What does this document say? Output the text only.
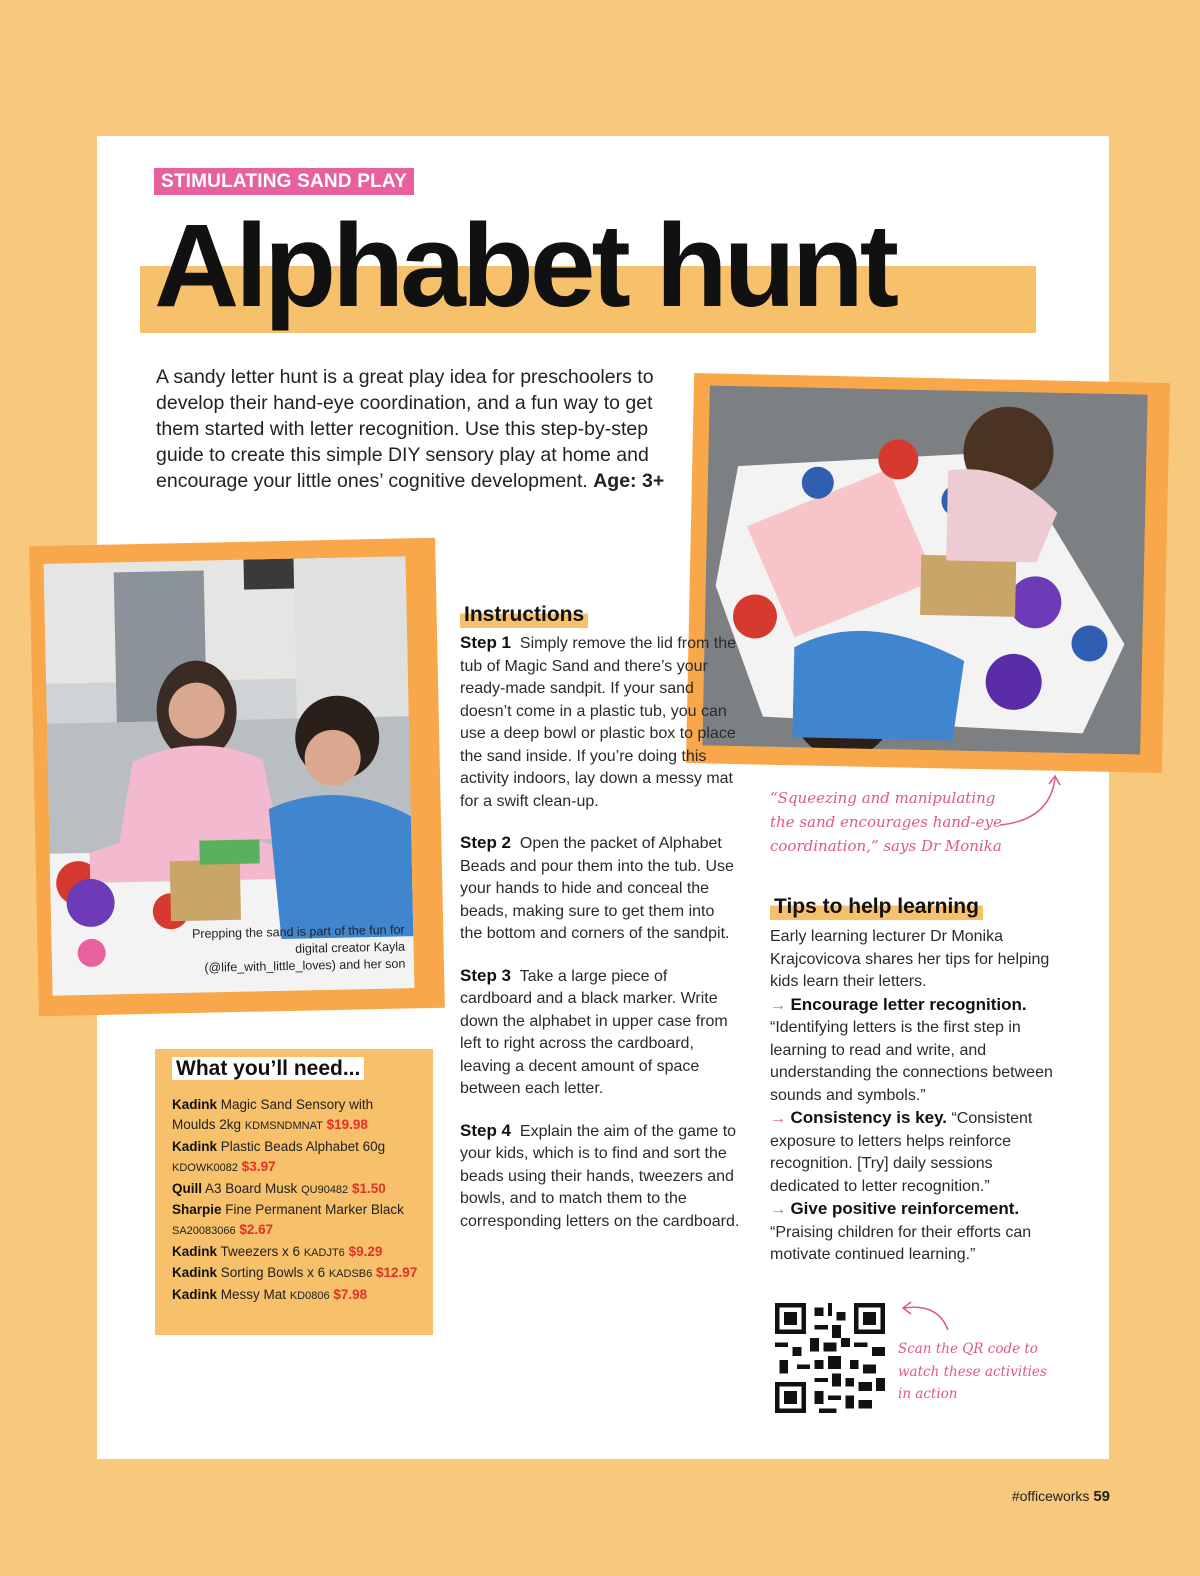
STIMULATING SAND PLAY
Alphabet hunt

A sandy letter hunt is a great play idea for preschoolers to develop their hand-eye coordination, and a fun way to get them started with letter recognition. Use this step-by-step guide to create this simple DIY sensory play at home and encourage your little ones’ cognitive development. Age: 3+

Prepping the sand is part of the fun for digital creator Kayla (@life_with_little_loves) and her son
Instructions

Step 1 Simply remove the lid from the tub of Magic Sand and there’s your ready-made sandpit. If your sand doesn’t come in a plastic tub, you can use a deep bowl or plastic box to place the sand inside. If you’re doing this activity indoors, lay down a messy mat for a swift clean-up.

Step 2 Open the packet of Alphabet Beads and pour them into the tub. Use your hands to hide and conceal the beads, making sure to get them into the bottom and corners of the sandpit.

Step 3 Take a large piece of cardboard and a black marker. Write down the alphabet in upper case from left to right across the cardboard, leaving a decent amount of space between each letter.

Step 4 Explain the aim of the game to your kids, which is to find and sort the beads using their hands, tweezers and bowls, and to match them to the corresponding letters on the cardboard.

“Squeezing and manipulating the sand encourages hand-eye coordination,” says Dr Monika
Tips to help learning
Early learning lecturer Dr Monika Krajcovicova shares her tips for helping kids learn their letters.
→ Encourage letter recognition. “Identifying letters is the first step in learning to read and write, and understanding the connections between sounds and symbols.”
→ Consistency is key. “Consistent exposure to letters helps reinforce recognition. [Try] daily sessions dedicated to letter recognition.”
→ Give positive reinforcement. “Praising children for their efforts can motivate continued learning.”
What you’ll need...
Kadink Magic Sand Sensory with Moulds 2kg KDMSNDMNAT $19.98
Kadink Plastic Beads Alphabet 60g KDOWK0082 $3.97
Quill A3 Board Musk QU90482 $1.50
Sharpie Fine Permanent Marker Black SA20083066 $2.67
Kadink Tweezers x 6 KADJT6 $9.29
Kadink Sorting Bowls x 6 KADSB6 $12.97
Kadink Messy Mat KD0806 $7.98
Scan the QR code to watch these activities in action
#officeworks 59
